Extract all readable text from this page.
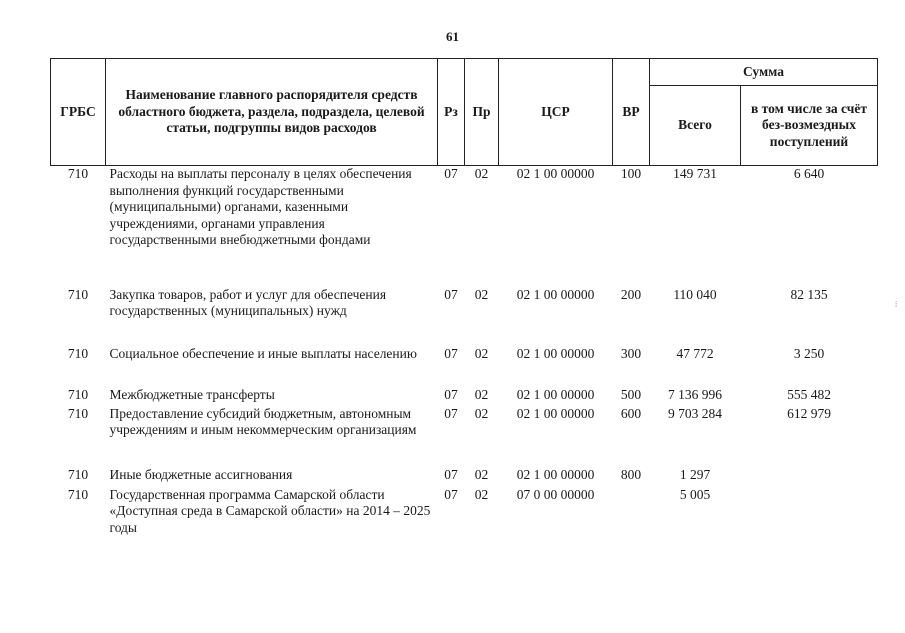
61
ГРБС	Наименование главного распорядителя средств областного бюджета, раздела, подраздела, целевой статьи, подгруппы видов расходов	Рз	Пр	ЦСР	ВР	Сумма	
						Всего	в том числе за счёт без-возмездных поступлений
710	Расходы на выплаты персоналу в целях обеспечения выполнения функций государственными (муниципальными) органами, казенными учреждениями, органами управления государственными внебюджетными фондами	07	02	02 1 00 00000	100	149 731	6 640
710	Закупка товаров, работ и услуг для обеспечения государственных (муниципальных) нужд	07	02	02 1 00 00000	200	110 040	82 135
710	Социальное обеспечение и иные выплаты населению	07	02	02 1 00 00000	300	47 772	3 250
710	Межбюджетные трансферты	07	02	02 1 00 00000	500	7 136 996	555 482
710	Предоставление субсидий бюджетным, автономным учреждениям и иным некоммерческим организациям	07	02	02 1 00 00000	600	9 703 284	612 979
710	Иные бюджетные ассигнования	07	02	02 1 00 00000	800	1 297	
710	Государственная программа Самарской области «Доступная среда в Самарской области» на 2014 – 2025 годы	07	02	07 0 00 00000		5 005	
⁞
